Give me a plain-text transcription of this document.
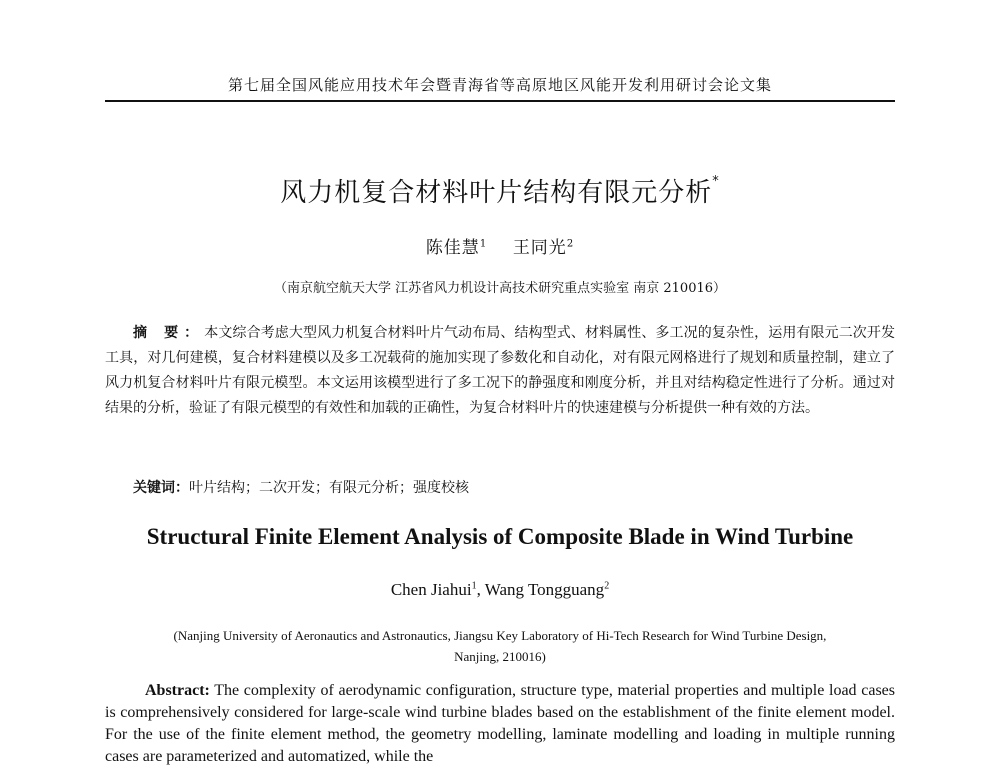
第七届全国风能应用技术年会暨青海省等高原地区风能开发利用研讨会论文集
风力机复合材料叶片结构有限元分析*
陈佳慧$^1$ 王同光$^2$
（南京航空航天大学 江苏省风力机设计高技术研究重点实验室 南京 210016）
摘 要：本文综合考虑大型风力机复合材料叶片气动布局、结构型式、材料属性、多工况的复杂性，运用有限元二次开发工具，对几何建模，复合材料建模以及多工况载荷的施加实现了参数化和自动化，对有限元网格进行了规划和质量控制，建立了风力机复合材料叶片有限元模型。本文运用该模型进行了多工况下的静强度和刚度分析，并且对结构稳定性进行了分析。通过对结果的分析，验证了有限元模型的有效性和加载的正确性，为复合材料叶片的快速建模与分析提供一种有效的方法。
关键词：叶片结构；二次开发；有限元分析；强度校核
Structural Finite Element Analysis of Composite Blade in Wind Turbine
Chen Jiahui$^1$, Wang Tongguang$^2$
(Nanjing University of Aeronautics and Astronautics, Jiangsu Key Laboratory of Hi-Tech Research for Wind Turbine Design,
Nanjing, 210016)
Abstract: The complexity of aerodynamic configuration, structure type, material properties and multiple load cases is comprehensively considered for large-scale wind turbine blades based on the establishment of the finite element model. For the use of the finite element method, the geometry modelling, laminate modelling and loading in multiple running cases are parameterized and automatized, while the
